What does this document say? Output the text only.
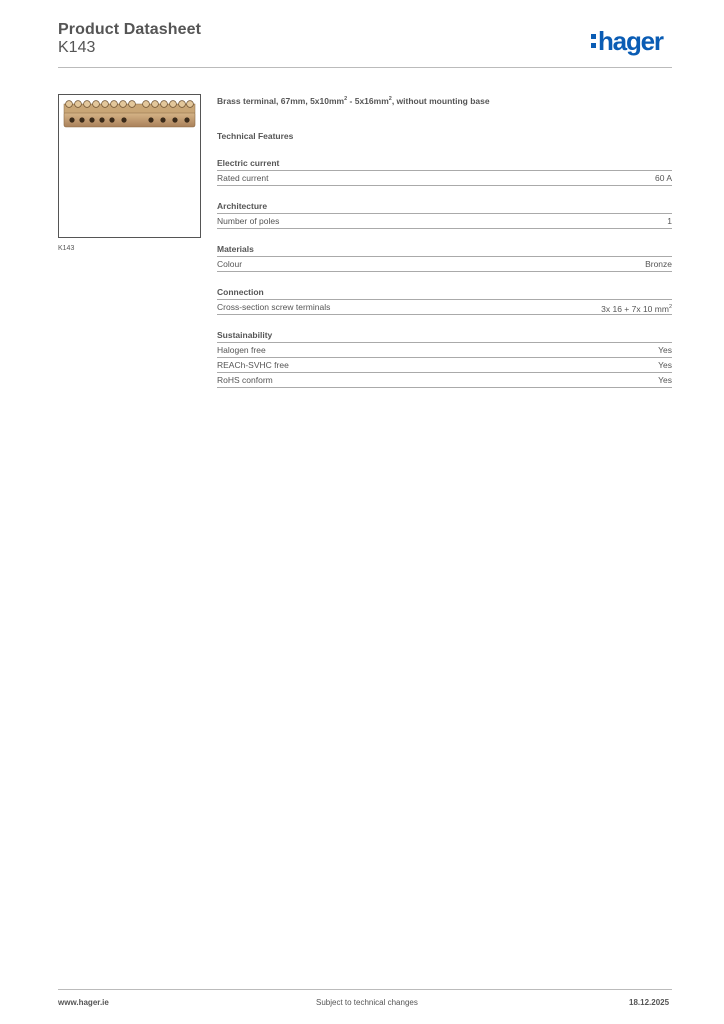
Product Datasheet
K143	hager
K143
Brass terminal, 67mm, $5x10mm^2 - 5x16mm^2$, without mounting base
Technical Features
Electric current
Rated current	60 A
Architecture
Number of poles	1
Materials
Colour	Bronze
Connection
Cross-section screw terminals	3x 16 + 7x 10 $mm^2$
Sustainability
Halogen free	Yes
REACh-SVHC free	Yes
RoHS conform	Yes
www.hager.ie	Subject to technical changes	18.12.2025
